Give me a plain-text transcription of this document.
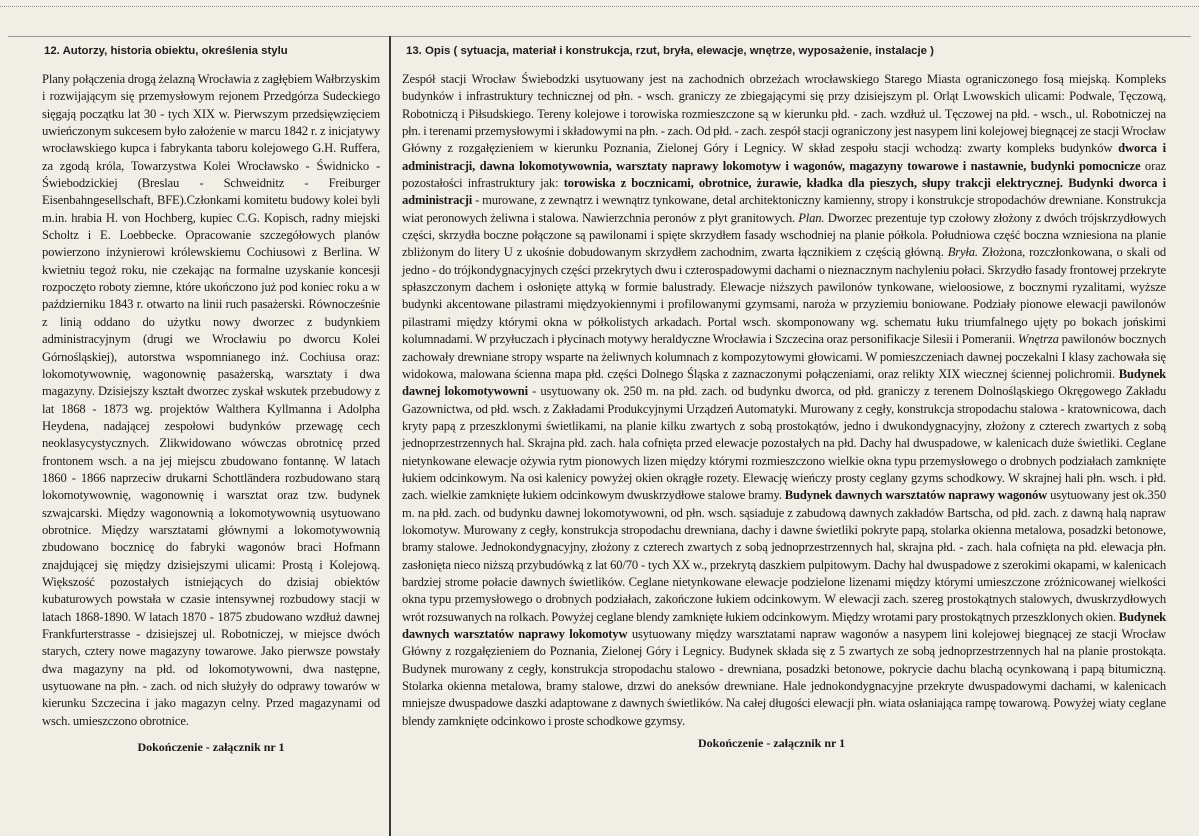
12. Autorzy, historia obiektu, określenia stylu
Plany połączenia drogą żelazną Wrocławia z zagłębiem Wałbrzyskim i rozwijającym się przemysłowym rejonem Przedgórza Sudeckiego sięgają początku lat 30 - tych XIX w. Pierwszym przedsięwzięciem uwieńczonym sukcesem było założenie w marcu 1842 r. z inicjatywy wrocławskiego kupca i fabrykanta taboru kolejowego G.H. Ruffera, za zgodą króla, Towarzystwa Kolei Wrocławsko - Świdnicko - Świebodzickiej (Breslau - Schweidnitz - Freiburger Eisenbahngesellschaft, BFE).Członkami komitetu budowy kolei byli m.in. hrabia H. von Hochberg, kupiec C.G. Kopisch, radny miejski Scholtz i E. Loebbecke. Opracowanie szczegółowych planów powierzono inżynierowi królewskiemu Cochiusowi z Berlina. W kwietniu tegoż roku, nie czekając na formalne uzyskanie koncesji rozpoczęto roboty ziemne, które ukończono już pod koniec roku a w październiku 1843 r. otwarto na linii ruch pasażerski. Równocześnie z linią oddano do użytku nowy dworzec z budynkiem administracyjnym (drugi we Wrocławiu po dworcu Kolei Górnośląskiej), autorstwa wspomnianego inż. Cochiusa oraz: lokomotywownię, wagonownię pasażerską, warsztaty i dwa magazyny. Dzisiejszy kształt dworzec zyskał wskutek przebudowy z lat 1868 - 1873 wg. projektów Walthera Kyllmanna i Adolpha Heydena, nadającej zespołowi budynków przewagę cech neoklasycystycznych. Zlikwidowano wówczas obrotnicę przed frontonem wsch. a na jej miejscu zbudowano fontannę. W latach 1860 - 1866 naprzeciw drukarni Schottländera rozbudowano starą lokomotywownię, wagonownię i warsztat oraz tzw. budynek szwajcarski. Między wagonownią a lokomotywownią usytuowano obrotnice. Między warsztatami głównymi a lokomotywownią zbudowano bocznicę do fabryki wagonów braci Hofmann znajdującej się między dzisiejszymi ulicami: Prostą i Kolejową. Większość pozostałych istniejących do dzisiaj obiektów kubaturowych powstała w czasie intensywnej rozbudowy stacji w latach 1868-1890. W latach 1870 - 1875 zbudowano wzdłuż dawnej Frankfurterstrasse - dzisiejszej ul. Robotniczej, w miejsce dwóch starych, cztery nowe magazyny towarowe. Jako pierwsze powstały dwa magazyny na płd. od lokomotywowni, dwa następne, usytuowane na płn. - zach. od nich służyły do odprawy towarów w kierunku Szczecina i jako magazyn celny. Przed magazynami od wsch. umieszczono obrotnice.
Dokończenie - załącznik nr 1
13. Opis ( sytuacja, materiał i konstrukcja, rzut, bryła, elewacje, wnętrze, wyposażenie, instalacje )
Zespół stacji Wrocław Świebodzki usytuowany jest na zachodnich obrzeżach wrocławskiego Starego Miasta ograniczonego fosą miejską. Kompleks budynków i infrastruktury technicznej od płn. - wsch. graniczy ze zbiegającymi się przy dzisiejszym pl. Orląt Lwowskich ulicami: Podwale, Tęczową, Robotniczą i Piłsudskiego. Tereny kolejowe i torowiska rozmieszczone są w kierunku płd. - zach. wzdłuż ul. Tęczowej na płd. - wsch., ul. Robotniczej na płn. i terenami przemysłowymi i składowymi na płn. - zach. Od płd. - zach. zespół stacji ograniczony jest nasypem lini kolejowej biegnącej ze stacji Wrocław Główny z rozgałęzieniem w kierunku Poznania, Zielonej Góry i Legnicy. W skład zespołu stacji wchodzą: zwarty kompleks budynków dworca i administracji, dawna lokomotywownia, warsztaty naprawy lokomotyw i wagonów, magazyny towarowe i nastawnie, budynki pomocnicze oraz pozostałości infrastruktury jak: torowiska z bocznicami, obrotnice, żurawie, kładka dla pieszych, słupy trakcji elektrycznej. Budynki dworca i administracji - murowane, z zewnątrz i wewnątrz tynkowane, detal architektoniczny kamienny, stropy i konstrukcje stropodachów drewniane. Konstrukcja wiat peronowych żeliwna i stalowa. Nawierzchnia peronów z płyt granitowych. Plan. Dworzec prezentuje typ czołowy złożony z dwóch trójskrzydłowych części, skrzydła boczne połączone są pawilonami i spięte skrzydłem fasady wschodniej na planie półkola. Południowa część boczna wzniesiona na planie zbliżonym do litery U z ukośnie dobudowanym skrzydłem zachodnim, zwarta łącznikiem z częścią główną. Bryła. Złożona, rozczłonkowana, o skali od jedno - do trójkondygnacyjnych części przekrytych dwu i czterospadowymi dachami o nieznacznym nachyleniu połaci. Skrzydło fasady frontowej przekryte spłaszczonym dachem i osłonięte attyką w formie balustrady. Elewacje niższych pawilonów tynkowane, wieloosiowe, z bocznymi ryzalitami, wyższe budynki akcentowane pilastrami międzyokiennymi i profilowanymi gzymsami, naroża w przyziemiu boniowane. Podziały pionowe elewacji pawilonów pilastrami między którymi okna w półkolistych arkadach. Portal wsch. skomponowany wg. schematu łuku triumfalnego ujęty po bokach jońskimi kolumnadami. W przyłuczach i płycinach motywy heraldyczne Wrocławia i Szczecina oraz personifikacje Silesii i Pomeranii. Wnętrza pawilonów bocznych zachowały drewniane stropy wsparte na żeliwnych kolumnach z kompozytowymi głowicami. W pomieszczeniach dawnej poczekalni I klasy zachowała się widokowa, malowana ścienna mapa płd. części Dolnego Śląska z zaznaczonymi połączeniami, oraz relikty XIX wiecznej ściennej polichromii. Budynek dawnej lokomotywowni - usytuowany ok. 250 m. na płd. zach. od budynku dworca, od płd. graniczy z terenem Dolnośląskiego Okręgowego Zakładu Gazownictwa, od płd. wsch. z Zakładami Produkcyjnymi Urządzeń Automatyki. Murowany z cegły, konstrukcja stropodachu stalowa - kratownicowa, dach kryty papą z przeszklonymi świetlikami, na planie kilku zwartych z sobą prostokątów, jedno i dwukondygnacyjny, złożony z czterech zwartych z sobą jednoprzestrzennych hal. Skrajna płd. zach. hala cofnięta przed elewacje pozostałych na płd. Dachy hal dwuspadowe, w kalenicach duże świetliki. Ceglane nietynkowane elewacje ożywia rytm pionowych lizen między którymi rozmieszczono wielkie okna typu przemysłowego o drobnych podziałach zamknięte łukiem odcinkowym. Na osi kalenicy powyżej okien okrągłe rozety. Elewację wieńczy prosty ceglany gzyms schodkowy. W skrajnej hali płn. wsch. i płd. zach. wielkie zamknięte łukiem odcinkowym dwuskrzydłowe stalowe bramy. Budynek dawnych warsztatów naprawy wagonów usytuowany jest ok.350 m. na płd. zach. od budynku dawnej lokomotywowni, od płn. wsch. sąsiaduje z zabudową dawnych zakładów Bartscha, od płd. zach. z dawną halą napraw lokomotyw. Murowany z cegły, konstrukcja stropodachu drewniana, dachy i dawne świetliki pokryte papą, stolarka okienna metalowa, posadzki betonowe, bramy stalowe. Jednokondygnacyjny, złożony z czterech zwartych z sobą jednoprzestrzennych hal, skrajna płd. - zach. hala cofnięta na płd. elewacja płn. zasłonięta nieco niższą przybudówką z lat 60/70 - tych XX w., przekrytą daszkiem pulpitowym. Dachy hal dwuspadowe z szerokimi okapami, w kalenicach bardziej strome połacie dawnych świetlików. Ceglane nietynkowane elewacje podzielone lizenami między którymi umieszczone zróżnicowanej wielkości okna typu przemysłowego o drobnych podziałach, zakończone łukiem odcinkowym. W elewacji zach. szereg prostokątnych stalowych, dwuskrzydłowych wrót rozsuwanych na rolkach. Powyżej ceglane blendy zamknięte łukiem odcinkowym. Między wrotami pary prostokątnych przeszklonych okien. Budynek dawnych warsztatów naprawy lokomotyw usytuowany między warsztatami napraw wagonów a nasypem lini kolejowej biegnącej ze stacji Wrocław Główny z rozgałęzieniem do Poznania, Zielonej Góry i Legnicy. Budynek składa się z 5 zwartych ze sobą jednoprzestrzennych hal na planie prostokąta. Budynek murowany z cegły, konstrukcja stropodachu stalowo - drewniana, posadzki betonowe, pokrycie dachu blachą ocynkowaną i papą bitumiczną. Stolarka okienna metalowa, bramy stalowe, drzwi do aneksów drewniane. Hale jednokondygnacyjne przekryte dwuspadowymi dachami, w kalenicach mniejsze dwuspadowe daszki adaptowane z dawnych świetlików. Na całej długości elewacji płn. wiata osłaniająca rampę towarową. Powyżej wiaty ceglane blendy zamknięte odcinkowo i proste schodkowe gzymsy.
Dokończenie - załącznik nr 1
